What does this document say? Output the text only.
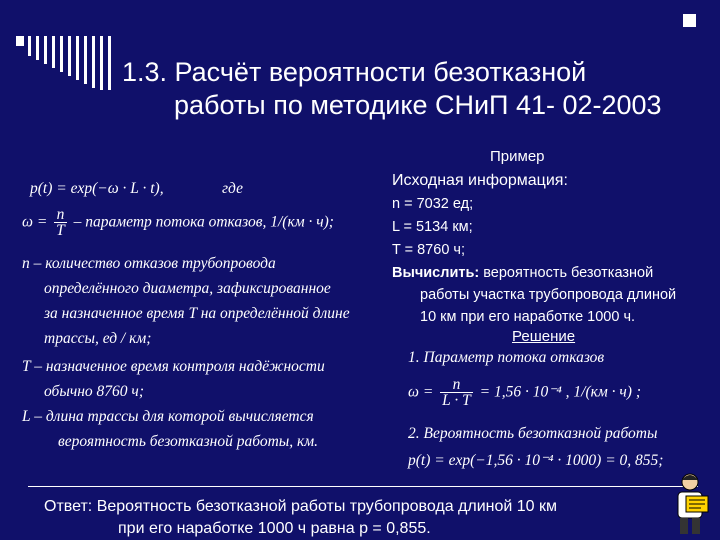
1.3. Расчёт вероятности безотказной
работы по методике СНиП 41- 02-2003
p(t) = exp(−ω · L · t),	где
$\omega = \frac{n}{T}$ – параметр потока отказов, 1/(км · ч);
n – количество отказов трубопровода
определённого диаметра, зафиксированное
за назначенное время T на определённой длине
трассы, ед / км;
T – назначенное время контроля надёжности
обычно 8760 ч;
L – длина трассы для которой вычисляется
вероятность безотказной работы, км.
Пример
Исходная информация:
n = 7032 ед;
L = 5134 км;
T = 8760 ч;
Вычислить: вероятность безотказной
работы участка трубопровода длиной
10 км при его наработке 1000 ч.
Решение
1. Параметр потока отказов
$\omega = \frac{n}{L \cdot T} = 1,56 \cdot 10^{-4}$ , 1/(км · ч) ;
2. Вероятность безотказной работы
p(t) = exp(−1,56 · 10⁻⁴ · 1000) = 0, 855;
Ответ: Вероятность безотказной работы трубопровода длиной 10 км
при его наработке 1000 ч равна p = 0,855.
